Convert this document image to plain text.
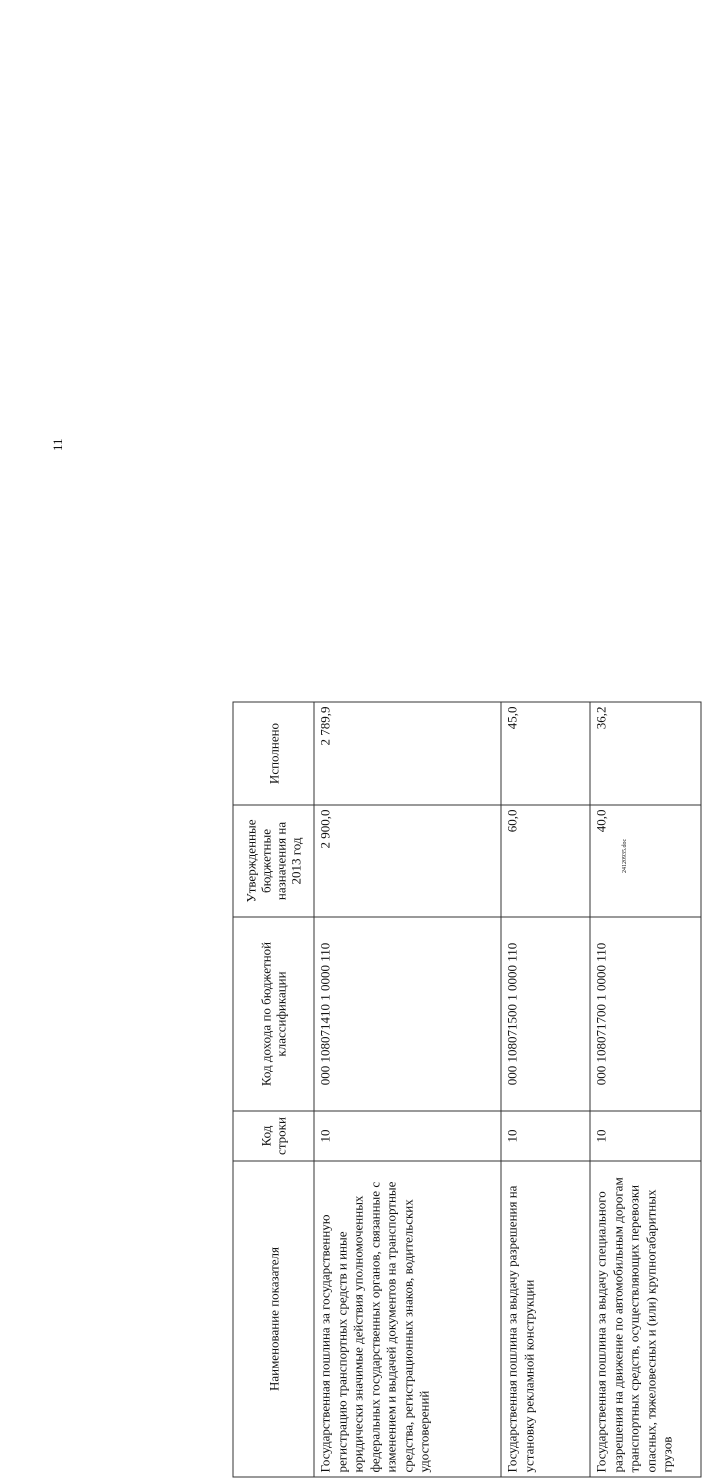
11
Наименование показателя	Код строки	Код дохода по бюджетной классификации	Утвержденные бюджетные назначения на 2013 год	Исполнено
Государственная пошлина за государственную регистрацию транспортных средств и иные юридически значимые действия уполномоченных федеральных государственных органов, связанные с изменением и выдачей документов на транспортные средства, регистрационных знаков, водительских удостоверений	10	000 108071410 1 0000 110	2 900,0	2 789,9
Государственная пошлина за выдачу разрешения на установку рекламной конструкции	10	000 108071500 1 0000 110	60,0	45,0
Государственная пошлина за выдачу специального разрешения на движение по автомобильным дорогам транспортных средств, осуществляющих перевозки опасных, тяжеловесных и (или) крупногабаритных грузов	10	000 108071700 1 0000 110	40,0	36,2
24120935.doc
